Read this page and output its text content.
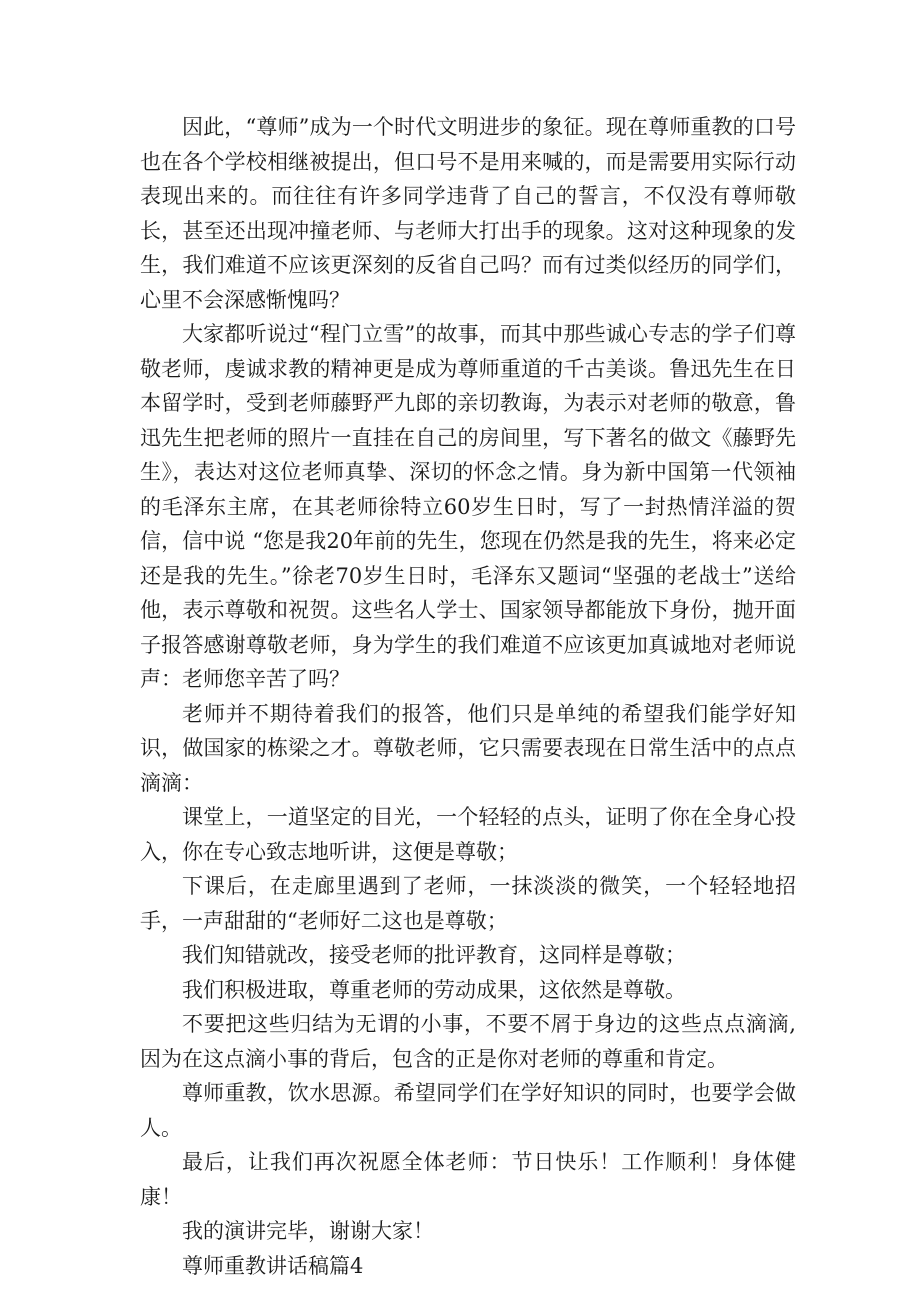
因此，“尊师”成为一个时代文明进步的象征。现在尊师重教的口号也在各个学校相继被提出，但口号不是用来喊的，而是需要用实际行动表现出来的。而往往有许多同学违背了自己的誓言，不仅没有尊师敬长，甚至还出现冲撞老师、与老师大打出手的现象。这对这种现象的发生，我们难道不应该更深刻的反省自己吗？而有过类似经历的同学们，心里不会深感惭愧吗？

大家都听说过“程门立雪”的故事，而其中那些诚心专志的学子们尊敬老师，虔诚求教的精神更是成为尊师重道的千古美谈。鲁迅先生在日本留学时，受到老师藤野严九郎的亲切教诲，为表示对老师的敬意，鲁迅先生把老师的照片一直挂在自己的房间里，写下著名的做文《藤野先生》，表达对这位老师真挚、深切的怀念之情。身为新中国第一代领袖的毛泽东主席，在其老师徐特立60岁生日时，写了一封热情洋溢的贺信，信中说 “您是我20年前的先生，您现在仍然是我的先生，将来必定还是我的先生。”徐老70岁生日时，毛泽东又题词“坚强的老战士”送给他，表示尊敬和祝贺。这些名人学士、国家领导都能放下身份，抛开面子报答感谢尊敬老师，身为学生的我们难道不应该更加真诚地对老师说声：老师您辛苦了吗？

老师并不期待着我们的报答，他们只是单纯的希望我们能学好知识，做国家的栋梁之才。尊敬老师，它只需要表现在日常生活中的点点滴滴：

课堂上，一道坚定的目光，一个轻轻的点头，证明了你在全身心投入，你在专心致志地听讲，这便是尊敬；

下课后，在走廊里遇到了老师，一抹淡淡的微笑，一个轻轻地招手，一声甜甜的“老师好二这也是尊敬；

我们知错就改，接受老师的批评教育，这同样是尊敬；

我们积极进取，尊重老师的劳动成果，这依然是尊敬。

不要把这些归结为无谓的小事，不要不屑于身边的这些点点滴滴,因为在这点滴小事的背后，包含的正是你对老师的尊重和肯定。

尊师重教，饮水思源。希望同学们在学好知识的同时，也要学会做人。

最后，让我们再次祝愿全体老师：节日快乐！工作顺利！身体健康！

我的演讲完毕，谢谢大家！

尊师重教讲话稿篇4
